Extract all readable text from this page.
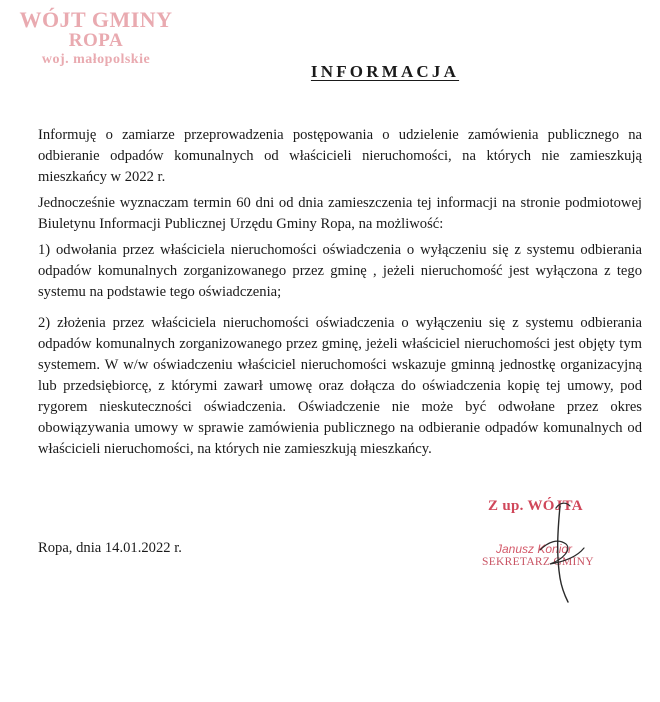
WÓJT GMINY
ROPA
woj. małopolskie
INFORMACJA

Informuję o zamiarze przeprowadzenia postępowania o udzielenie zamówienia publicznego na odbieranie odpadów komunalnych od właścicieli nieruchomości, na których nie zamieszkują mieszkańcy w 2022 r.

Jednocześnie wyznaczam termin 60 dni od dnia zamieszczenia tej informacji na stronie podmiotowej Biuletynu Informacji Publicznej Urzędu Gminy Ropa, na możliwość:

1) odwołania przez właściciela nieruchomości oświadczenia o wyłączeniu się z systemu odbierania odpadów komunalnych zorganizowanego przez gminę , jeżeli nieruchomość jest wyłączona z tego systemu na podstawie tego oświadczenia;

2) złożenia przez właściciela nieruchomości oświadczenia o wyłączeniu się z systemu odbierania odpadów komunalnych zorganizowanego przez gminę, jeżeli właściciel nieruchomości jest objęty tym systemem. W w/w oświadczeniu właściciel nieruchomości wskazuje gminną jednostkę organizacyjną lub przedsiębiorcę, z którymi zawarł umowę oraz dołącza do oświadczenia kopię tej umowy, pod rygorem nieskuteczności oświadczenia. Oświadczenie nie może być odwołane przez okres obowiązywania umowy w sprawie zamówienia publicznego na odbieranie odpadów komunalnych od właścicieli nieruchomości, na których nie zamieszkują mieszkańcy.

Ropa, dnia 14.01.2022 r.
Z up. WÓJTA
Janusz Konior
SEKRETARZ GMINY
